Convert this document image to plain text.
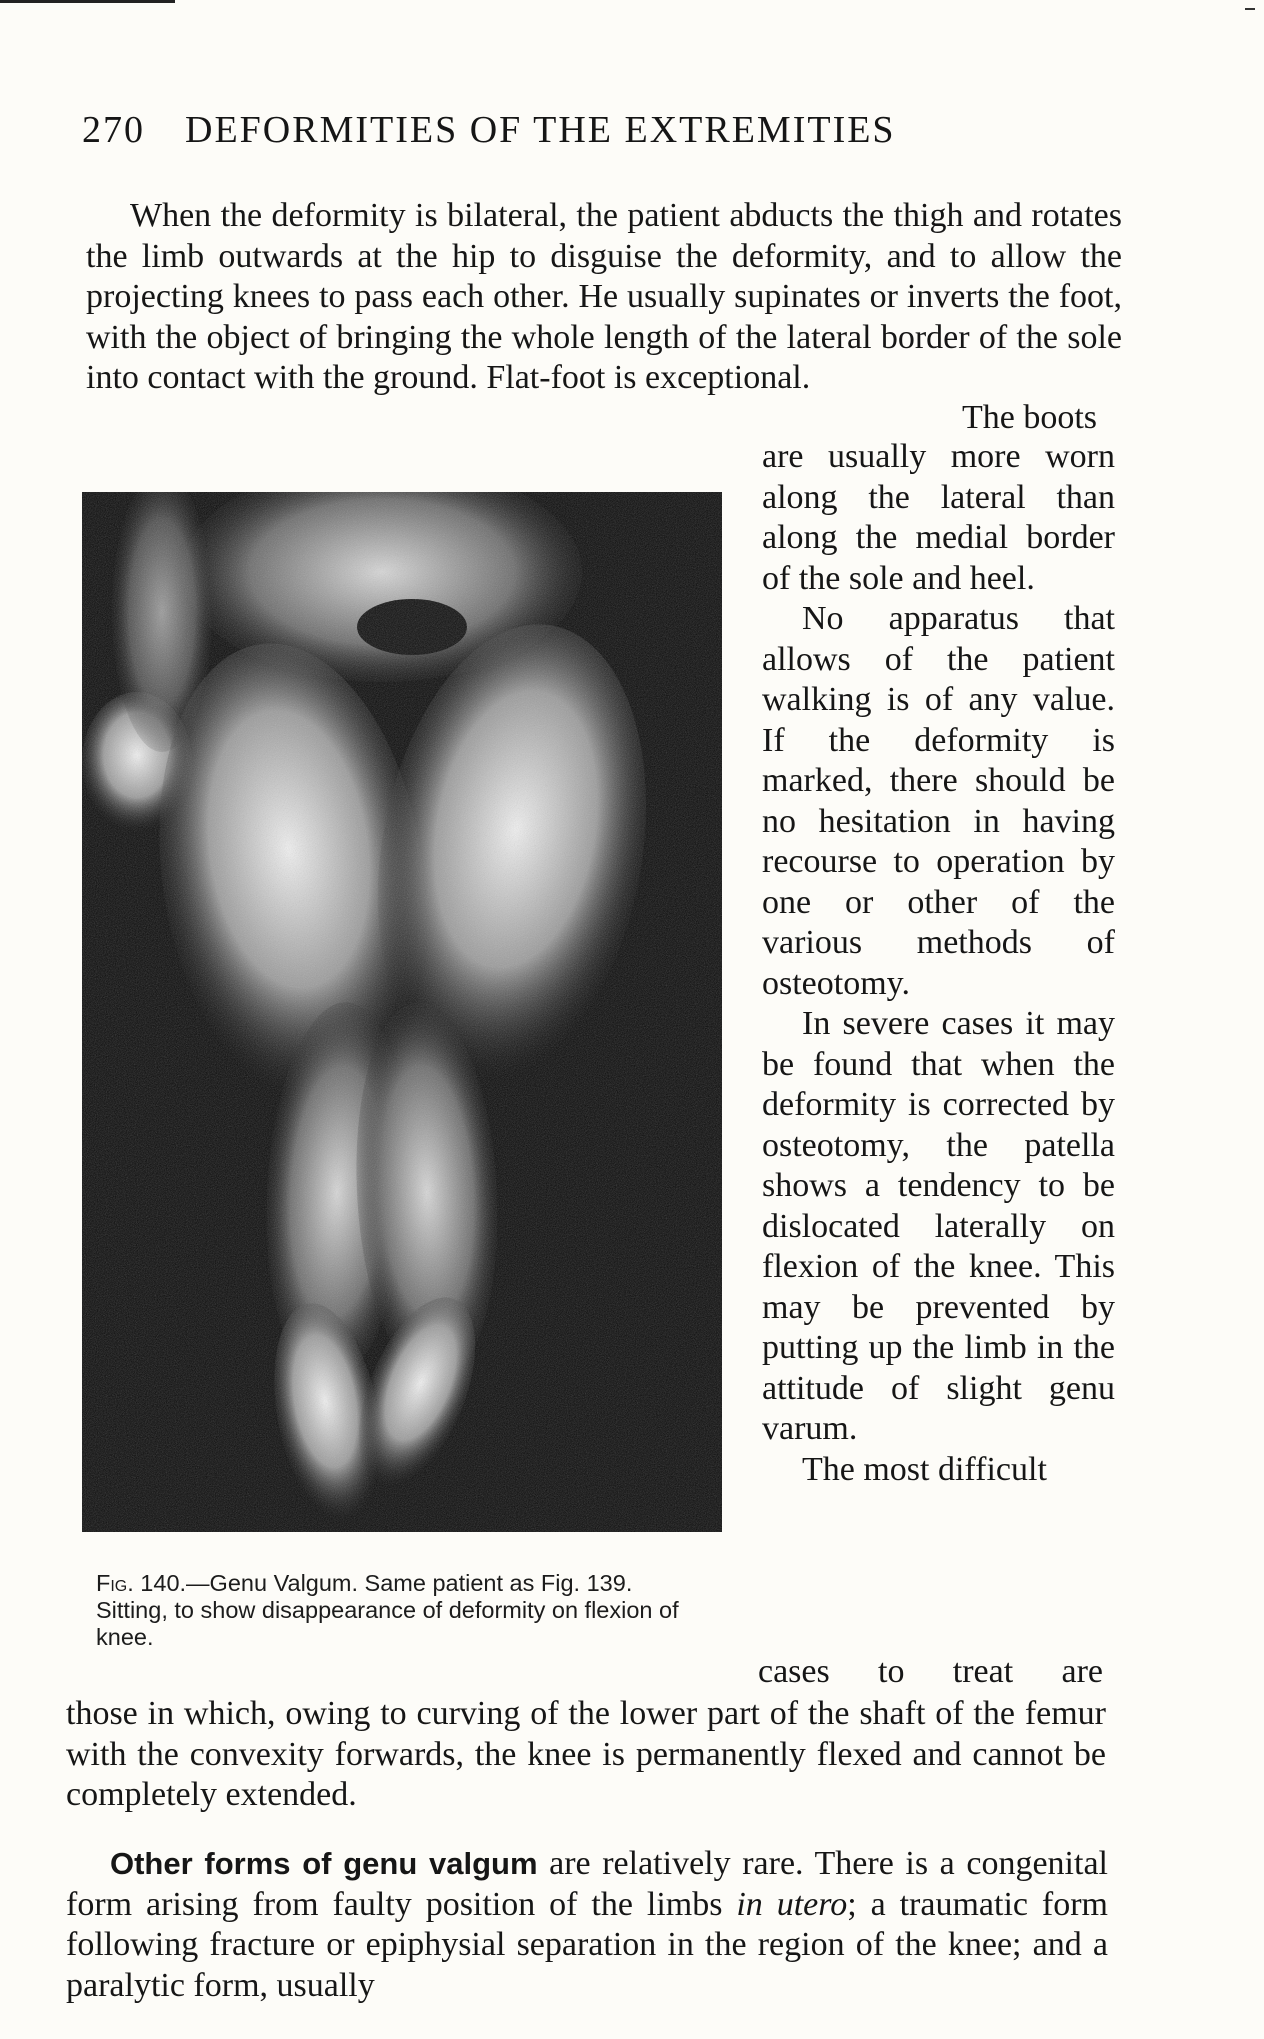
270 DEFORMITIES OF THE EXTREMITIES

When the deformity is bilateral, the patient abducts the thigh and rotates the limb outwards at the hip to disguise the deformity, and to allow the projecting knees to pass each other. He usually supinates or inverts the foot, with the object of bringing the whole length of the lateral border of the sole into contact with the ground. Flat-foot is exceptional.

The boots

are usually more worn along the lateral than along the medial border of the sole and heel.

No apparatus that allows of the patient walking is of any value. If the deformity is marked, there should be no hesitation in having recourse to operation by one or other of the various methods of osteotomy.

In severe cases it may be found that when the deformity is corrected by osteotomy, the patella shows a tendency to be dislocated laterally on flexion of the knee. This may be prevented by putting up the limb in the attitude of slight genu varum.

The most difficult

cases to treat are

Fig. 140.—Genu Valgum. Same patient as Fig. 139. Sitting, to show disappearance of deformity on flexion of knee.

those in which, owing to curving of the lower part of the shaft of the femur with the convexity forwards, the knee is permanently flexed and cannot be completely extended.

Other forms of genu valgum are relatively rare. There is a congenital form arising from faulty position of the limbs in utero; a traumatic form following fracture or epiphysial separation in the region of the knee; and a paralytic form, usually
